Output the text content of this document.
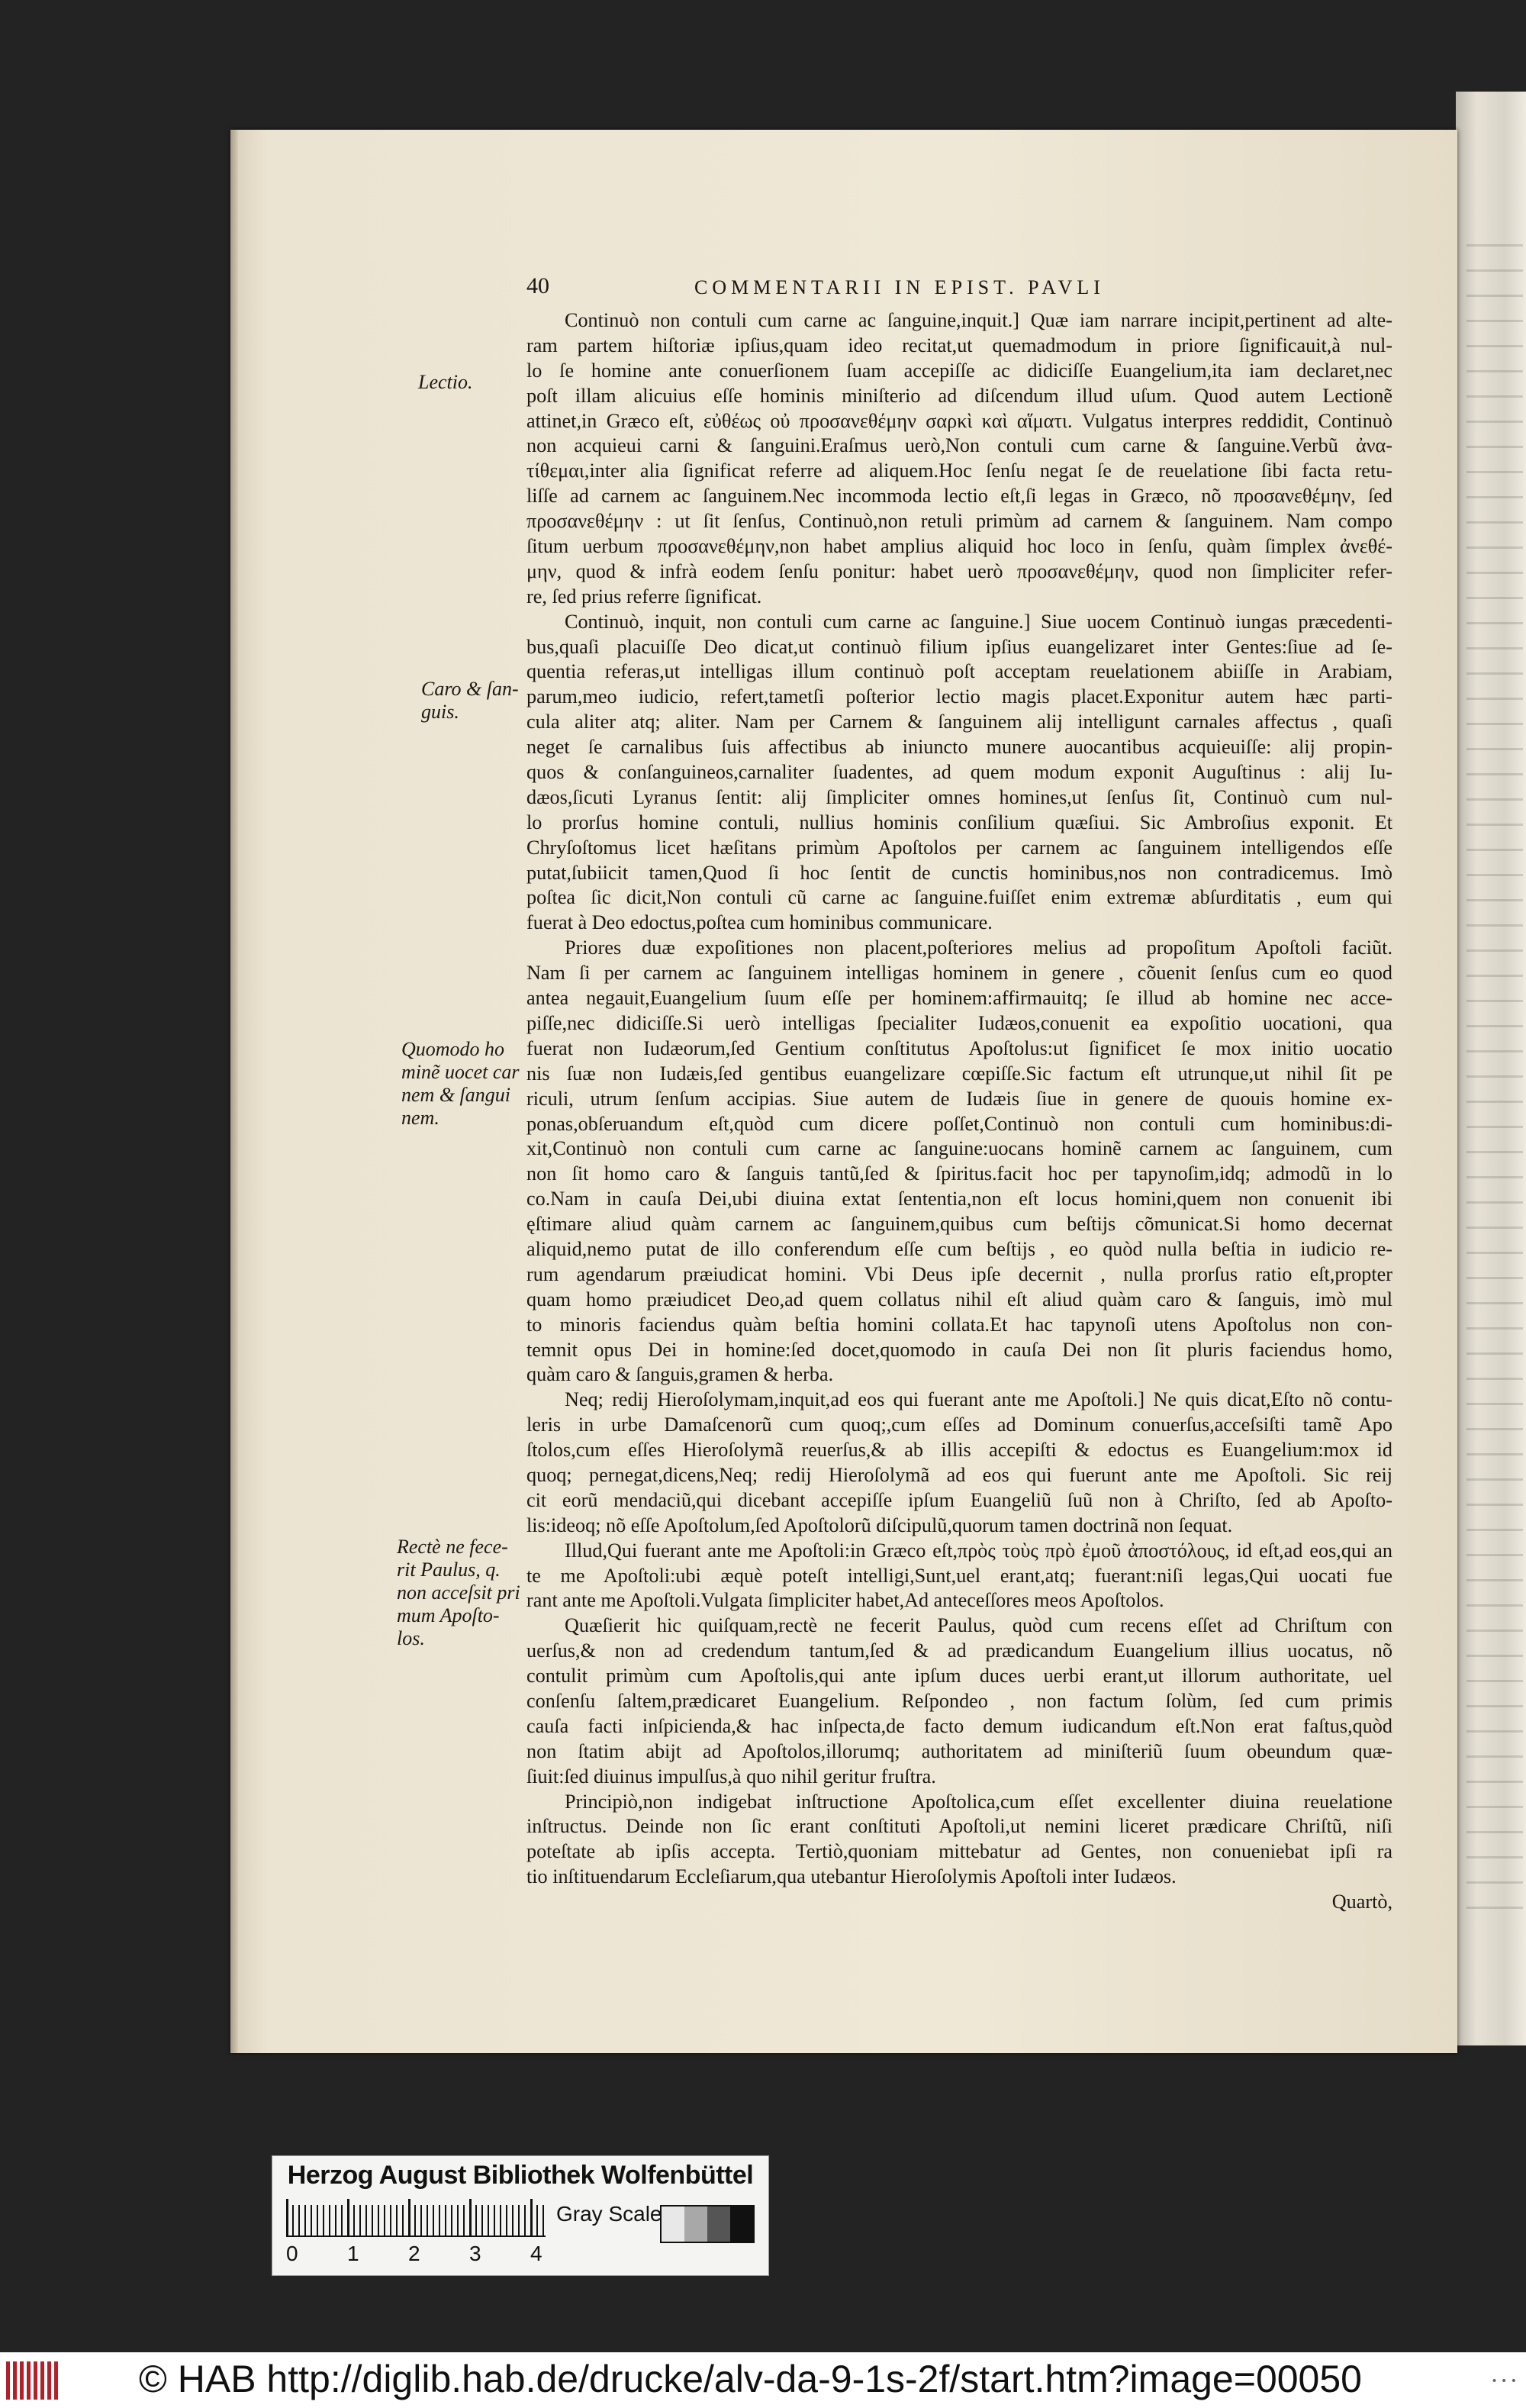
40	COMMENTARII IN EPIST. PAVLI
Continuò non contuli cum carne ac ſanguine,inquit.] Quæ iam narrare incipit,pertinent ad alte-
ram partem hiſtoriæ ipſius,quam ideo recitat,ut quemadmodum in priore ſignificauit,à nul-
lo ſe homine ante conuerſionem ſuam accepiſſe ac didiciſſe Euangelium,ita iam declaret,nec
poſt illam alicuius eſſe hominis miniſterio ad diſcendum illud uſum. Quod autem Lectionẽ
attinet,in Græco eſt, εὐθέως οὐ προσανεθέμην σαρκὶ καὶ αἵματι. Vulgatus interpres reddidit, Continuò
non acquieui carni & ſanguini.Eraſmus uerò,Non contuli cum carne & ſanguine.Verbũ ἀνα-
τίθεμαι,inter alia ſignificat referre ad aliquem.Hoc ſenſu negat ſe de reuelatione ſibi facta retu-
liſſe ad carnem ac ſanguinem.Nec incommoda lectio eſt,ſi legas in Græco, nõ προσανεθέμην, ſed
προσανεθέμην : ut ſit ſenſus, Continuò,non retuli primùm ad carnem & ſanguinem. Nam compo
ſitum uerbum προσανεθέμην,non habet amplius aliquid hoc loco in ſenſu, quàm ſimplex ἀνεθέ-
μην, quod & infrà eodem ſenſu ponitur: habet uerò προσανεθέμην, quod non ſimpliciter refer-
re, ſed prius referre ſignificat.
Continuò, inquit, non contuli cum carne ac ſanguine.] Siue uocem Continuò iungas præcedenti-
bus,quaſi placuiſſe Deo dicat,ut continuò filium ipſius euangelizaret inter Gentes:ſiue ad ſe-
quentia referas,ut intelligas illum continuò poſt acceptam reuelationem abiiſſe in Arabiam,
parum,meo iudicio, refert,tametſi poſterior lectio magis placet.Exponitur autem hæc parti-
cula aliter atq; aliter. Nam per Carnem & ſanguinem alij intelligunt carnales affectus , quaſi
neget ſe carnalibus ſuis affectibus ab iniuncto munere auocantibus acquieuiſſe: alij propin-
quos & conſanguineos,carnaliter ſuadentes, ad quem modum exponit Auguſtinus : alij Iu-
dæos,ſicuti Lyranus ſentit: alij ſimpliciter omnes homines,ut ſenſus ſit, Continuò cum nul-
lo prorſus homine contuli, nullius hominis conſilium quæſiui. Sic Ambroſius exponit. Et
Chryſoſtomus licet hæſitans primùm Apoſtolos per carnem ac ſanguinem intelligendos eſſe
putat,ſubiicit tamen,Quod ſi hoc ſentit de cunctis hominibus,nos non contradicemus. Imò
poſtea ſic dicit,Non contuli cũ carne ac ſanguine.fuiſſet enim extremæ abſurditatis , eum qui
fuerat à Deo edoctus,poſtea cum hominibus communicare.
Priores duæ expoſitiones non placent,poſteriores melius ad propoſitum Apoſtoli faciũt.
Nam ſi per carnem ac ſanguinem intelligas hominem in genere , cõuenit ſenſus cum eo quod
antea negauit,Euangelium ſuum eſſe per hominem:affirmauitq; ſe illud ab homine nec acce-
piſſe,nec didiciſſe.Si uerò intelligas ſpecialiter Iudæos,conuenit ea expoſitio uocationi, qua
fuerat non Iudæorum,ſed Gentium conſtitutus Apoſtolus:ut ſignificet ſe mox initio uocatio
nis ſuæ non Iudæis,ſed gentibus euangelizare cœpiſſe.Sic factum eſt utrunque,ut nihil ſit pe
riculi, utrum ſenſum accipias. Siue autem de Iudæis ſiue in genere de quouis homine ex-
ponas,obſeruandum eſt,quòd cum dicere poſſet,Continuò non contuli cum hominibus:di-
xit,Continuò non contuli cum carne ac ſanguine:uocans hominẽ carnem ac ſanguinem, cum
non ſit homo caro & ſanguis tantũ,ſed & ſpiritus.facit hoc per tapynoſim,idq; admodũ in lo
co.Nam in cauſa Dei,ubi diuina extat ſententia,non eſt locus homini,quem non conuenit ibi
ęſtimare aliud quàm carnem ac ſanguinem,quibus cum beſtijs cõmunicat.Si homo decernat
aliquid,nemo putat de illo conferendum eſſe cum beſtijs , eo quòd nulla beſtia in iudicio re-
rum agendarum præiudicat homini. Vbi Deus ipſe decernit , nulla prorſus ratio eſt,propter
quam homo præiudicet Deo,ad quem collatus nihil eſt aliud quàm caro & ſanguis, imò mul
to minoris faciendus quàm beſtia homini collata.Et hac tapynoſi utens Apoſtolus non con-
temnit opus Dei in homine:ſed docet,quomodo in cauſa Dei non ſit pluris faciendus homo,
quàm caro & ſanguis,gramen & herba.
Neq; redij Hieroſolymam,inquit,ad eos qui fuerant ante me Apoſtoli.] Ne quis dicat,Eſto nõ contu-
leris in urbe Damaſcenorũ cum quoq;,cum eſſes ad Dominum conuerſus,acceſsiſti tamẽ Apo
ſtolos,cum eſſes Hieroſolymã reuerſus,& ab illis accepiſti & edoctus es Euangelium:mox id
quoq; pernegat,dicens,Neq; redij Hieroſolymã ad eos qui fuerunt ante me Apoſtoli. Sic reij
cit eorũ mendaciũ,qui dicebant accepiſſe ipſum Euangeliũ ſuũ non à Chriſto, ſed ab Apoſto-
lis:ideoq; nõ eſſe Apoſtolum,ſed Apoſtolorũ diſcipulũ,quorum tamen doctrinã non ſequat.
Illud,Qui fuerant ante me Apoſtoli:in Græco eſt,πρὸς τοὺς πρὸ ἐμοῦ ἀποστόλους, id eſt,ad eos,qui an
te me Apoſtoli:ubi æquè poteſt intelligi,Sunt,uel erant,atq; fuerant:niſi legas,Qui uocati fue
rant ante me Apoſtoli.Vulgata ſimpliciter habet,Ad anteceſſores meos Apoſtolos.
Quæſierit hic quiſquam,rectè ne fecerit Paulus, quòd cum recens eſſet ad Chriſtum con
uerſus,& non ad credendum tantum,ſed & ad prædicandum Euangelium illius uocatus, nõ
contulit primùm cum Apoſtolis,qui ante ipſum duces uerbi erant,ut illorum authoritate, uel
conſenſu ſaltem,prædicaret Euangelium. Reſpondeo , non factum ſolùm, ſed cum primis
cauſa facti inſpicienda,& hac inſpecta,de facto demum iudicandum eſt.Non erat faſtus,quòd
non ſtatim abijt ad Apoſtolos,illorumq; authoritatem ad miniſteriũ ſuum obeundum quæ-
ſiuit:ſed diuinus impulſus,à quo nihil geritur fruſtra.
Principiò,non indigebat inſtructione Apoſtolica,cum eſſet excellenter diuina reuelatione
inſtructus. Deinde non ſic erant conſtituti Apoſtoli,ut nemini liceret prædicare Chriſtũ, niſi
poteſtate ab ipſis accepta. Tertiò,quoniam mittebatur ad Gentes, non conueniebat ipſi ra
tio inſtituendarum Eccleſiarum,qua utebantur Hieroſolymis Apoſtoli inter Iudæos.
Quartò,
Lectio.
Caro & ſan-
guis.
Quomodo ho
minẽ uocet car
nem & ſangui
nem.
Rectè ne fece-
rit Paulus, q.
non acceſsit pri
mum Apoſto-
los.
Herzog August Bibliothek Wolfenbüttel
0 1 2 3 4
Gray Scale
© HAB http://diglib.hab.de/drucke/alv-da-9-1s-2f/start.htm?image=00050	• • •
